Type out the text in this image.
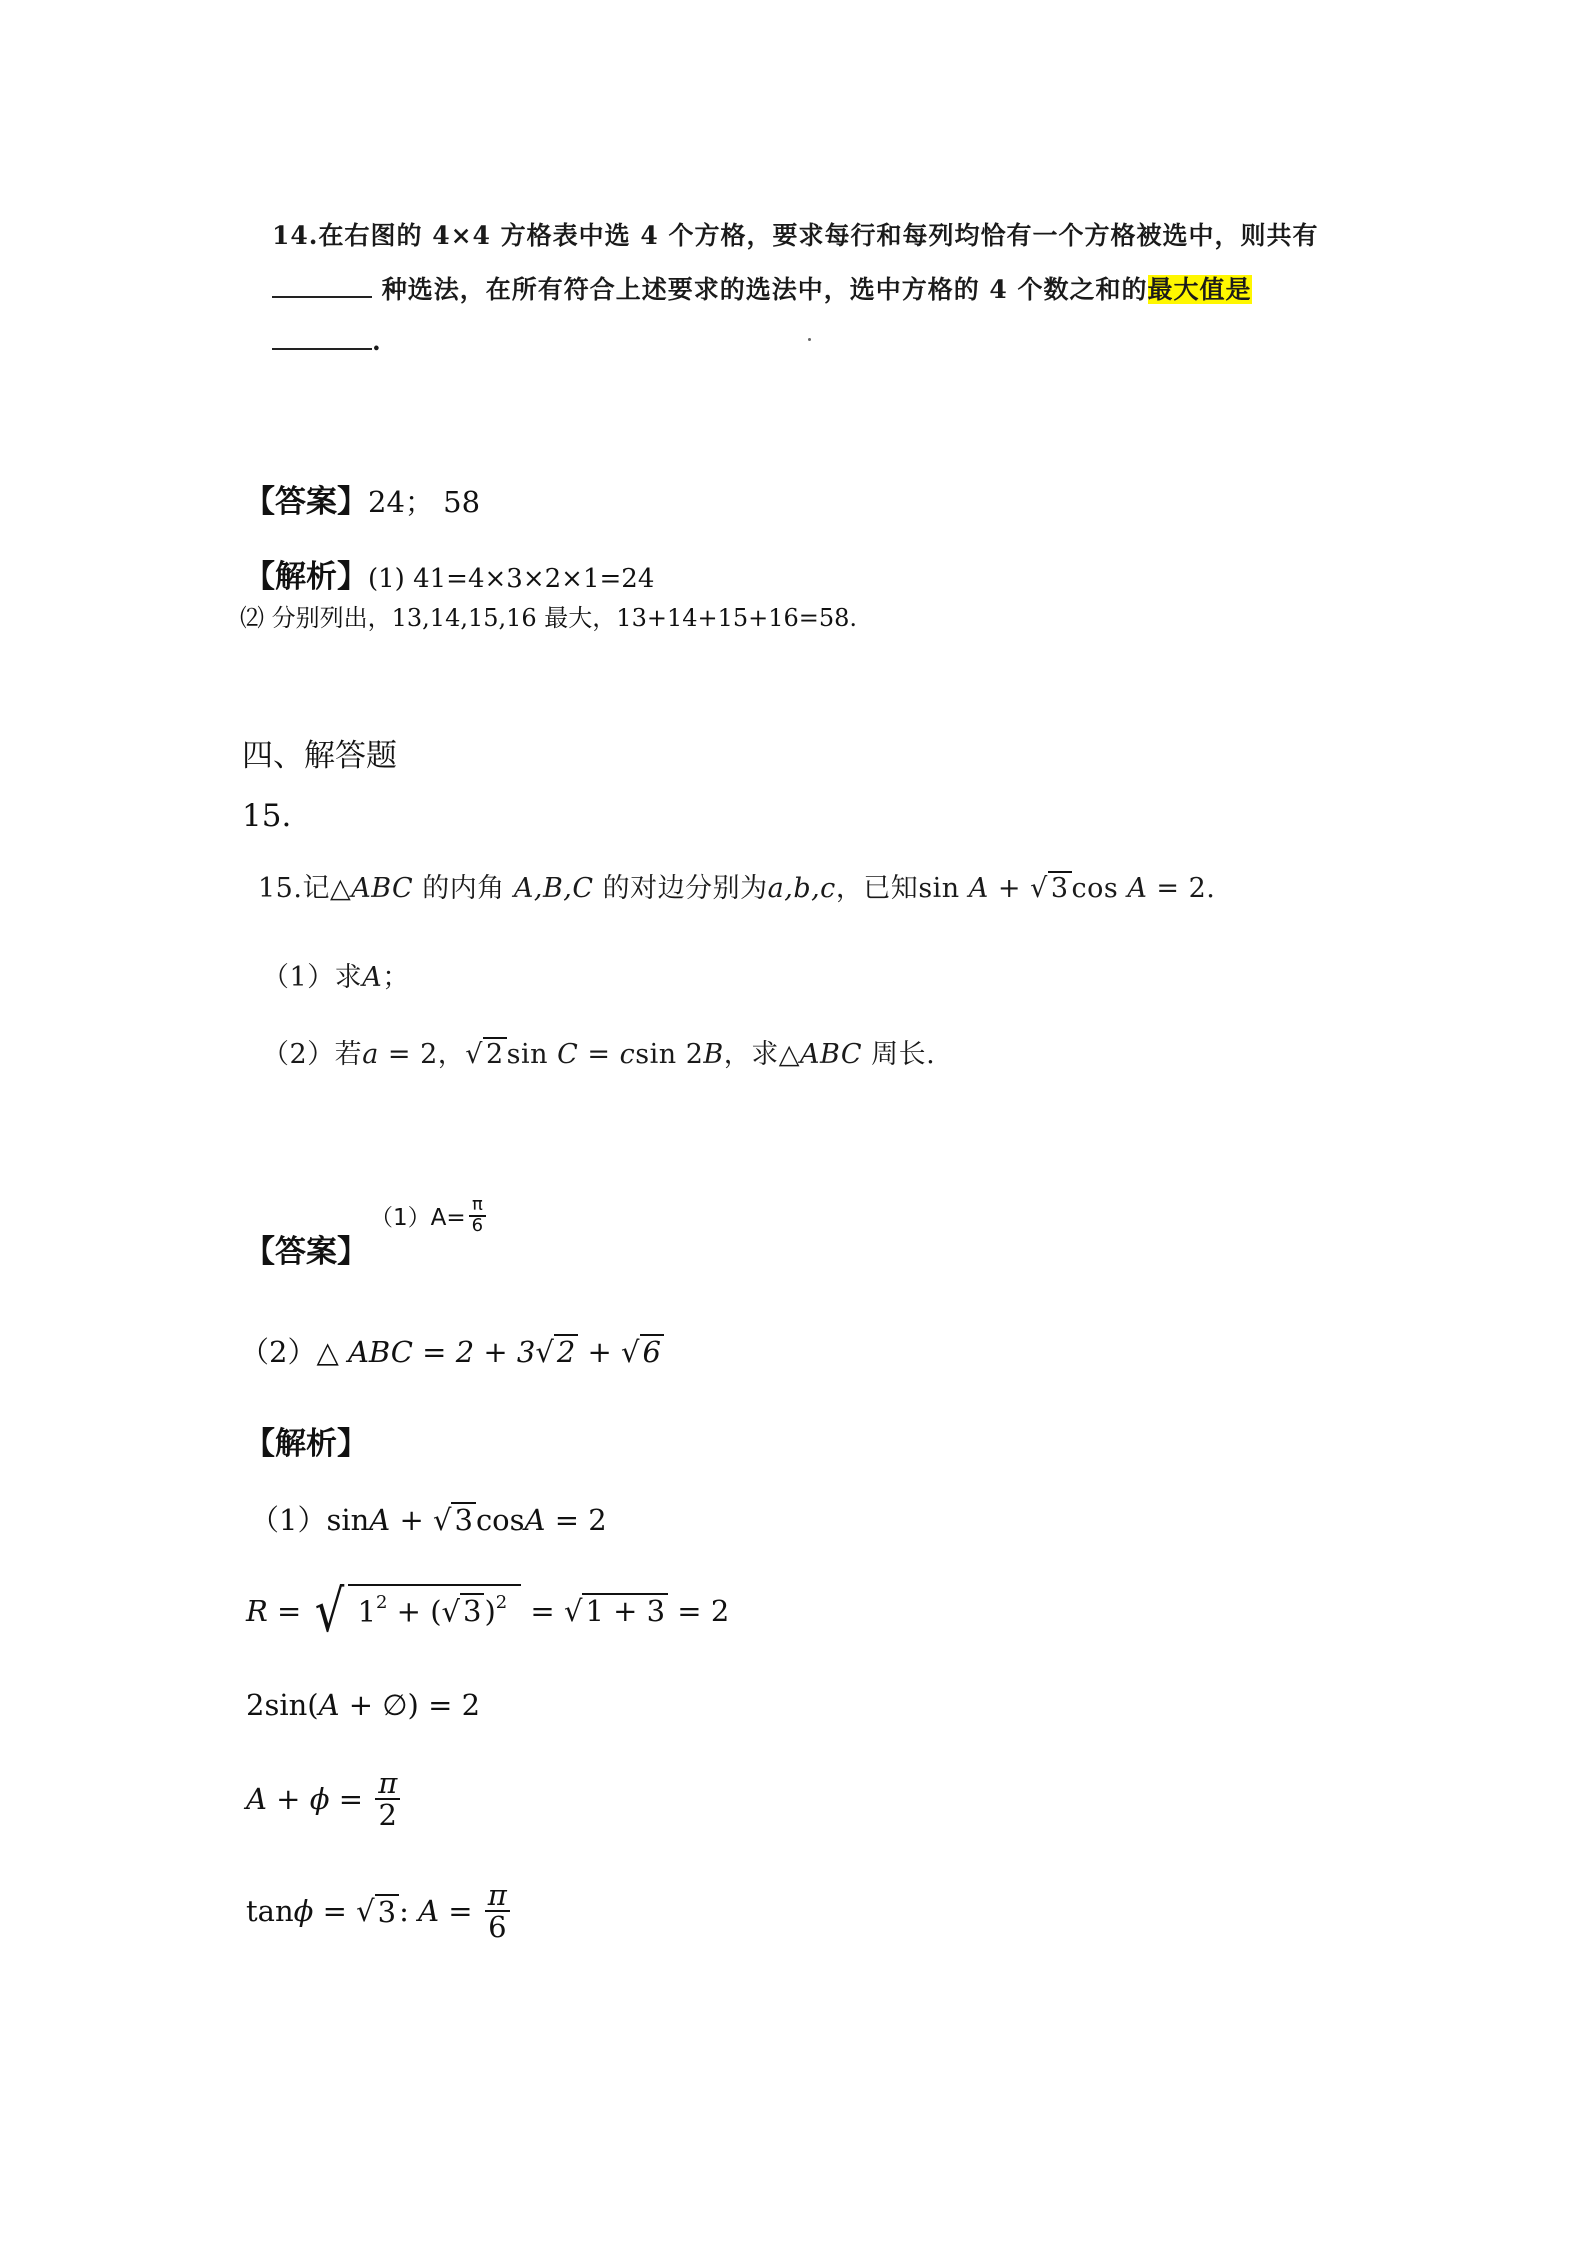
14.在右图的 4×4 方格表中选 4 个方格，要求每行和每列均恰有一个方格被选中，则共有
种选法，在所有符合上述要求的选法中，选中方格的 4 个数之和的最大值是
.
【答案】24； 58
【解析】(1) 41=4×3×2×1=24
⑵ 分别列出，13,14,15,16 最大，13+14+15+16=58.
四、解答题
15.
15.记△ABC 的内角 A,B,C 的对边分别为a,b,c，已知sin A + √ 3 cos A = 2.
（1）求A；
（2）若a = 2，√ 2 sin C = csin 2B，求△ABC 周长.
【答案】
$(1)A= \frac{\pi}{6}$
（2）△ ABC = 2 + 3√ 2 + √ 6
【解析】
（1）sinA + √ 3 cosA = 2
R = √ $1^2$ + (√ 3 )$^2$ = √ 1 + 3 = 2
2sin(A + ∅) = 2
$A + \phi = \frac{\pi}{2}$
tan ϕ = √ 3 : $A = \frac{\pi}{6}$
